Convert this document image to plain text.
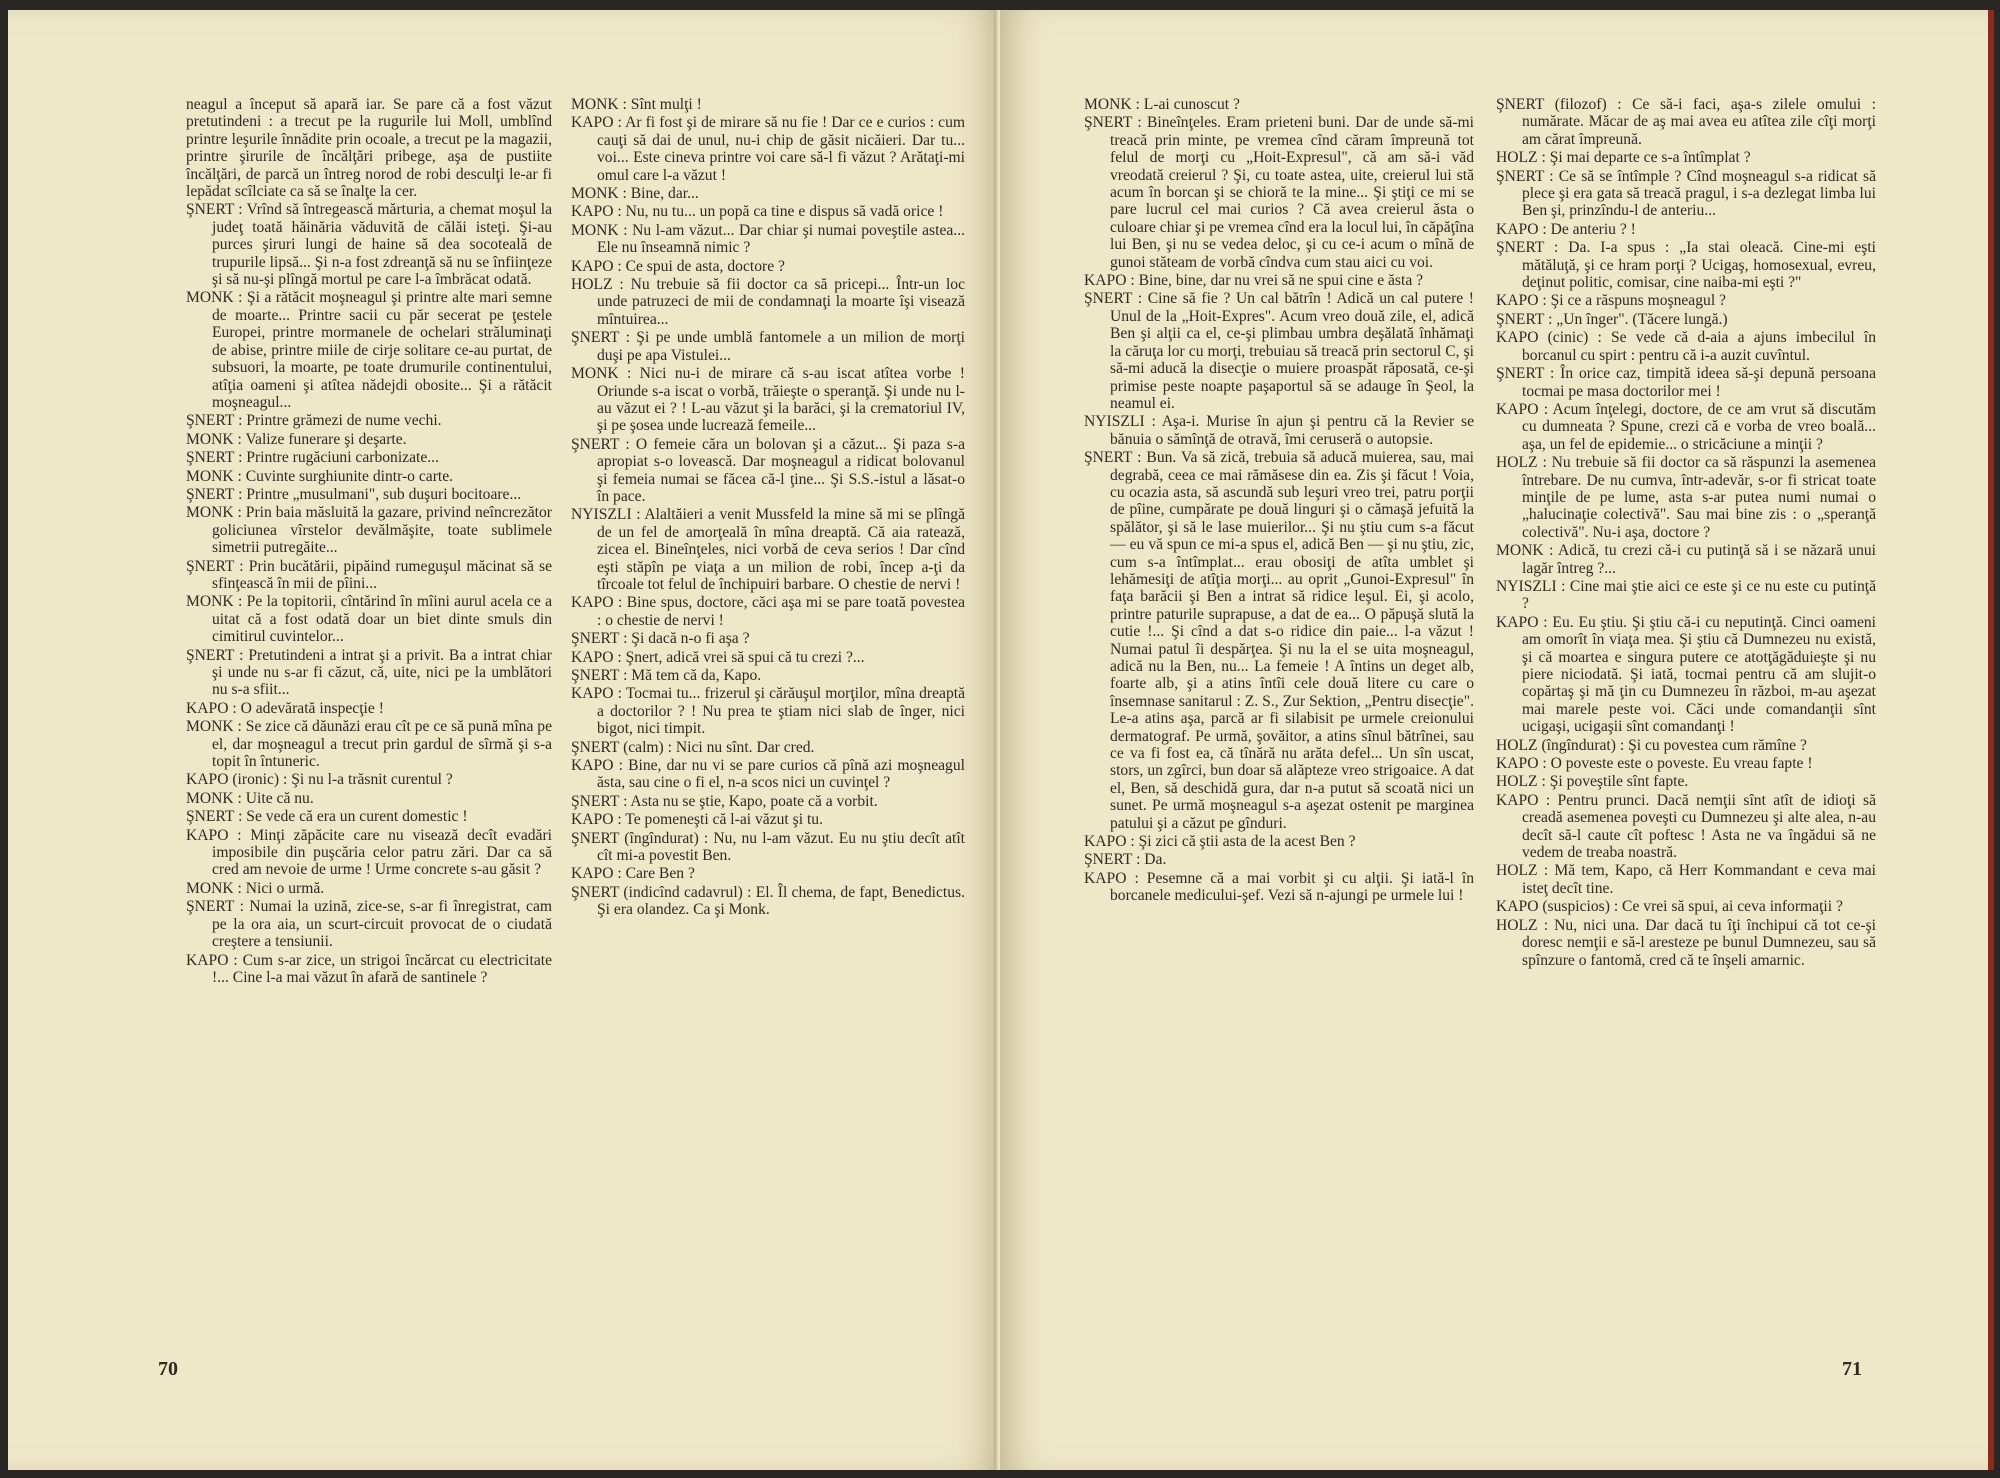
neagul a început să apară iar. Se pare că a fost văzut pretutindeni : a trecut pe la rugurile lui Moll, umblînd printre leşurile înnădite prin ocoale, a trecut pe la magazii, printre şirurile de încălţări pribege, aşa de pustiite încălţări, de parcă un întreg norod de robi desculţi le-ar fi lepădat scîlciate ca să se înalţe la cer.

ŞNERT : Vrînd să întregească mărturia, a chemat moşul la judeţ toată hăinăria văduvită de călăi isteţi. Şi-au purces şiruri lungi de haine să dea socoteală de trupurile lipsă... Şi n-a fost zdreanţă să nu se înfiinţeze şi să nu-şi plîngă mortul pe care l-a îmbrăcat odată.

MONK : Şi a rătăcit moşneagul şi printre alte mari semne de moarte... Printre sacii cu păr secerat pe ţestele Europei, printre mormanele de ochelari străluminaţi de abise, printre miile de cirje solitare ce-au purtat, de subsuori, la moarte, pe toate drumurile continentului, atîţia oameni şi atîtea nădejdi obosite... Şi a rătăcit moşneagul...

ŞNERT : Printre grămezi de nume vechi.

MONK : Valize funerare şi deşarte.

ŞNERT : Printre rugăciuni carbonizate...

MONK : Cuvinte surghiunite dintr-o carte.

ŞNERT : Printre „musulmani", sub duşuri bocitoare...

MONK : Prin baia măsluită la gazare, privind neîncrezător goliciunea vîrstelor devălmăşite, toate sublimele simetrii putregăite...

ŞNERT : Prin bucătării, pipăind rumeguşul măcinat să se sfinţească în mii de pîini...

MONK : Pe la topitorii, cîntărind în mîini aurul acela ce a uitat că a fost odată doar un biet dinte smuls din cimitirul cuvintelor...

ŞNERT : Pretutindeni a intrat şi a privit. Ba a intrat chiar şi unde nu s-ar fi căzut, că, uite, nici pe la umblători nu s-a sfiit...

KAPO : O adevărată inspecţie !

MONK : Se zice că dăunăzi erau cît pe ce să pună mîna pe el, dar moşneagul a trecut prin gardul de sîrmă şi s-a topit în întuneric.

KAPO (ironic) : Şi nu l-a trăsnit curentul ?

MONK : Uite că nu.

ŞNERT : Se vede că era un curent domestic !

KAPO : Minţi zăpăcite care nu visează decît evadări imposibile din puşcăria celor patru zări. Dar ca să cred am nevoie de urme ! Urme concrete s-au găsit ?

MONK : Nici o urmă.

ŞNERT : Numai la uzină, zice-se, s-ar fi înregistrat, cam pe la ora aia, un scurt-circuit provocat de o ciudată creştere a tensiunii.

KAPO : Cum s-ar zice, un strigoi încărcat cu electricitate !... Cine l-a mai văzut în afară de santinele ?

MONK : Sînt mulţi !

KAPO : Ar fi fost şi de mirare să nu fie ! Dar ce e curios : cum cauţi să dai de unul, nu-i chip de găsit nicăieri. Dar tu... voi... Este cineva printre voi care să-l fi văzut ? Arătaţi-mi omul care l-a văzut !

MONK : Bine, dar...

KAPO : Nu, nu tu... un popă ca tine e dispus să vadă orice !

MONK : Nu l-am văzut... Dar chiar şi numai poveştile astea... Ele nu înseamnă nimic ?

KAPO : Ce spui de asta, doctore ?

HOLZ : Nu trebuie să fii doctor ca să pricepi... Într-un loc unde patruzeci de mii de condamnaţi la moarte îşi visează mîntuirea...

ŞNERT : Şi pe unde umblă fantomele a un milion de morţi duşi pe apa Vistulei...

MONK : Nici nu-i de mirare că s-au iscat atîtea vorbe ! Oriunde s-a iscat o vorbă, trăieşte o speranţă. Şi unde nu l-au văzut ei ? ! L-au văzut şi la barăci, şi la crematoriul IV, şi pe şosea unde lucrează femeile...

ŞNERT : O femeie căra un bolovan şi a căzut... Şi paza s-a apropiat s-o lovească. Dar moşneagul a ridicat bolovanul şi femeia numai se făcea că-l ţine... Şi S.S.-istul a lăsat-o în pace.

NYISZLI : Alaltăieri a venit Mussfeld la mine să mi se plîngă de un fel de amorţeală în mîna dreaptă. Că aia ratează, zicea el. Bineînţeles, nici vorbă de ceva serios ! Dar cînd eşti stăpîn pe viaţa a un milion de robi, încep a-ţi da tîrcoale tot felul de închipuiri barbare. O chestie de nervi !

KAPO : Bine spus, doctore, căci aşa mi se pare toată povestea : o chestie de nervi !

ŞNERT : Şi dacă n-o fi aşa ?

KAPO : Şnert, adică vrei să spui că tu crezi ?...

ŞNERT : Mă tem că da, Kapo.

KAPO : Tocmai tu... frizerul şi cărăuşul morţilor, mîna dreaptă a doctorilor ? ! Nu prea te ştiam nici slab de înger, nici bigot, nici timpit.

ŞNERT (calm) : Nici nu sînt. Dar cred.

KAPO : Bine, dar nu vi se pare curios că pînă azi moşneagul ăsta, sau cine o fi el, n-a scos nici un cuvinţel ?

ŞNERT : Asta nu se ştie, Kapo, poate că a vorbit.

KAPO : Te pomeneşti că l-ai văzut şi tu.

ŞNERT (îngîndurat) : Nu, nu l-am văzut. Eu nu ştiu decît atît cît mi-a povestit Ben.

KAPO : Care Ben ?

ŞNERT (indicînd cadavrul) : El. Îl chema, de fapt, Benedictus. Şi era olandez. Ca şi Monk.

70

MONK : L-ai cunoscut ?

ŞNERT : Bineînţeles. Eram prieteni buni. Dar de unde să-mi treacă prin minte, pe vremea cînd căram împreună tot felul de morţi cu „Hoit-Expresul", că am să-i văd vreodată creierul ? Şi, cu toate astea, uite, creierul lui stă acum în borcan şi se chioră te la mine... Şi ştiţi ce mi se pare lucrul cel mai curios ? Că avea creierul ăsta o culoare chiar şi pe vremea cînd era la locul lui, în căpăţîna lui Ben, şi nu se vedea deloc, şi cu ce-i acum o mînă de gunoi stăteam de vorbă cîndva cum stau aici cu voi.

KAPO : Bine, bine, dar nu vrei să ne spui cine e ăsta ?

ŞNERT : Cine să fie ? Un cal bătrîn ! Adică un cal putere ! Unul de la „Hoit-Expres". Acum vreo două zile, el, adică Ben şi alţii ca el, ce-şi plimbau umbra deşălată înhămaţi la căruţa lor cu morţi, trebuiau să treacă prin sectorul C, şi să-mi aducă la disecţie o muiere proaspăt răposată, ce-şi primise peste noapte paşaportul să se adauge în Şeol, la neamul ei.

NYISZLI : Aşa-i. Murise în ajun şi pentru că la Revier se bănuia o sămînţă de otravă, îmi ceruseră o autopsie.

ŞNERT : Bun. Va să zică, trebuia să aducă muierea, sau, mai degrabă, ceea ce mai rămăsese din ea. Zis şi făcut ! Voia, cu ocazia asta, să ascundă sub leşuri vreo trei, patru porţii de pîine, cumpărate pe două linguri şi o cămaşă jefuită la spălător, şi să le lase muierilor... Şi nu ştiu cum s-a făcut — eu vă spun ce mi-a spus el, adică Ben — şi nu ştiu, zic, cum s-a întîmplat... erau obosiţi de atîta umblet şi lehămesiţi de atîţia morţi... au oprit „Gunoi-Expresul" în faţa barăcii şi Ben a intrat să ridice leşul. Ei, şi acolo, printre paturile suprapuse, a dat de ea... O păpuşă slută la cutie !... Şi cînd a dat s-o ridice din paie... l-a văzut ! Numai patul îi despărţea. Şi nu la el se uita moşneagul, adică nu la Ben, nu... La femeie ! A întins un deget alb, foarte alb, şi a atins întîi cele două litere cu care o însemnase sanitarul : Z. S., Zur Sektion, „Pentru disecţie". Le-a atins aşa, parcă ar fi silabisit pe urmele creionului dermatograf. Pe urmă, şovăitor, a atins sînul bătrînei, sau ce va fi fost ea, că tînără nu arăta defel... Un sîn uscat, stors, un zgîrci, bun doar să alăpteze vreo strigoaice. A dat el, Ben, să deschidă gura, dar n-a putut să scoată nici un sunet. Pe urmă moşneagul s-a aşezat ostenit pe marginea patului şi a căzut pe gînduri.

KAPO : Şi zici că ştii asta de la acest Ben ?

ŞNERT : Da.

KAPO : Pesemne că a mai vorbit şi cu alţii. Şi iată-l în borcanele medicului-şef. Vezi să n-ajungi pe urmele lui !

ŞNERT (filozof) : Ce să-i faci, aşa-s zilele omului : numărate. Măcar de aş mai avea eu atîtea zile cîţi morţi am cărat împreună.

HOLZ : Şi mai departe ce s-a întîmplat ?

ŞNERT : Ce să se întîmple ? Cînd moşneagul s-a ridicat să plece şi era gata să treacă pragul, i s-a dezlegat limba lui Ben şi, prinzîndu-l de anteriu...

KAPO : De anteriu ? !

ŞNERT : Da. I-a spus : „Ia stai oleacă. Cine-mi eşti mătăluţă, şi ce hram porţi ? Ucigaş, homosexual, evreu, deţinut politic, comisar, cine naiba-mi eşti ?"

KAPO : Şi ce a răspuns moşneagul ?

ŞNERT : „Un înger". (Tăcere lungă.)

KAPO (cinic) : Se vede că d-aia a ajuns imbecilul în borcanul cu spirt : pentru că i-a auzit cuvîntul.

ŞNERT : În orice caz, timpită ideea să-şi depună persoana tocmai pe masa doctorilor mei !

KAPO : Acum înţelegi, doctore, de ce am vrut să discutăm cu dumneata ? Spune, crezi că e vorba de vreo boală... aşa, un fel de epidemie... o stricăciune a minţii ?

HOLZ : Nu trebuie să fii doctor ca să răspunzi la asemenea întrebare. De nu cumva, într-adevăr, s-or fi stricat toate minţile de pe lume, asta s-ar putea numi numai o „halucinaţie colectivă". Sau mai bine zis : o „speranţă colectivă". Nu-i aşa, doctore ?

MONK : Adică, tu crezi că-i cu putinţă să i se năzară unui lagăr întreg ?...

NYISZLI : Cine mai ştie aici ce este şi ce nu este cu putinţă ?

KAPO : Eu. Eu ştiu. Şi ştiu că-i cu neputinţă. Cinci oameni am omorît în viaţa mea. Şi ştiu că Dumnezeu nu există, şi că moartea e singura putere ce atotţăgăduieşte şi nu piere niciodată. Şi iată, tocmai pentru că am slujit-o copărtaş şi mă ţin cu Dumnezeu în război, m-au aşezat mai marele peste voi. Căci unde comandanţii sînt ucigaşi, ucigaşii sînt comandanţi !

HOLZ (îngîndurat) : Şi cu povestea cum rămîne ?

KAPO : O poveste este o poveste. Eu vreau fapte !

HOLZ : Şi poveştile sînt fapte.

KAPO : Pentru prunci. Dacă nemţii sînt atît de idioţi să creadă asemenea poveşti cu Dumnezeu şi alte alea, n-au decît să-l caute cît poftesc ! Asta ne va îngădui să ne vedem de treaba noastră.

HOLZ : Mă tem, Kapo, că Herr Kommandant e ceva mai isteţ decît tine.

KAPO (suspicios) : Ce vrei să spui, ai ceva informaţii ?

HOLZ : Nu, nici una. Dar dacă tu îţi închipui că tot ce-şi doresc nemţii e să-l aresteze pe bunul Dumnezeu, sau să spînzure o fantomă, cred că te înşeli amarnic.

71
